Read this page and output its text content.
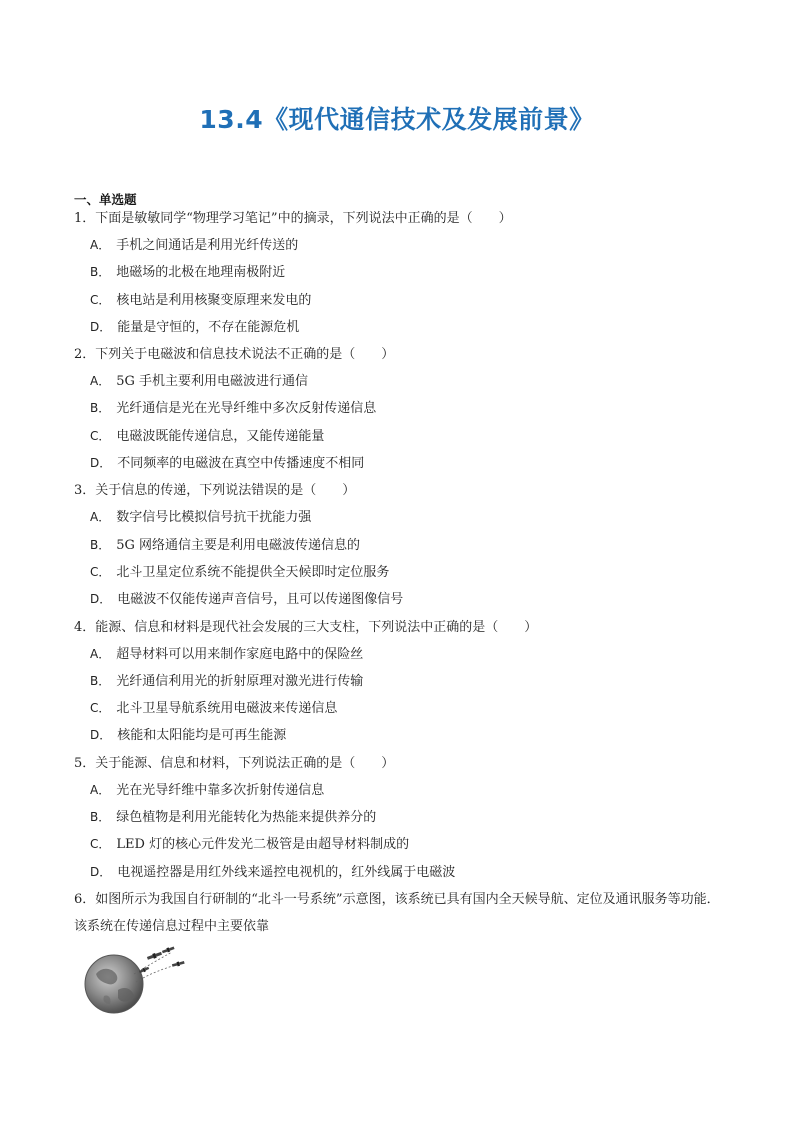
13.4《现代通信技术及发展前景》
一、单选题
1．下面是敏敏同学“物理学习笔记”中的摘录，下列说法中正确的是（　　）
A． 手机之间通话是利用光纤传送的
B． 地磁场的北极在地理南极附近
C． 核电站是利用核聚变原理来发电的
D． 能量是守恒的，不存在能源危机
2．下列关于电磁波和信息技术说法不正确的是（　　）
A． 5G 手机主要利用电磁波进行通信
B． 光纤通信是光在光导纤维中多次反射传递信息
C． 电磁波既能传递信息，又能传递能量
D． 不同频率的电磁波在真空中传播速度不相同
3．关于信息的传递，下列说法错误的是（　　）
A． 数字信号比模拟信号抗干扰能力强
B． 5G 网络通信主要是利用电磁波传递信息的
C． 北斗卫星定位系统不能提供全天候即时定位服务
D． 电磁波不仅能传递声音信号，且可以传递图像信号
4．能源、信息和材料是现代社会发展的三大支柱，下列说法中正确的是（　　）
A． 超导材料可以用来制作家庭电路中的保险丝
B． 光纤通信利用光的折射原理对激光进行传输
C． 北斗卫星导航系统用电磁波来传递信息
D． 核能和太阳能均是可再生能源
5．关于能源、信息和材料，下列说法正确的是（　　）
A． 光在光导纤维中靠多次折射传递信息
B． 绿色植物是利用光能转化为热能来提供养分的
C． LED 灯的核心元件发光二极管是由超导材料制成的
D． 电视遥控器是用红外线来遥控电视机的，红外线属于电磁波
6．如图所示为我国自行研制的“北斗一号系统”示意图，该系统已具有国内全天候导航、定位及通讯服务等功能．该系统在传递信息过程中主要依靠
